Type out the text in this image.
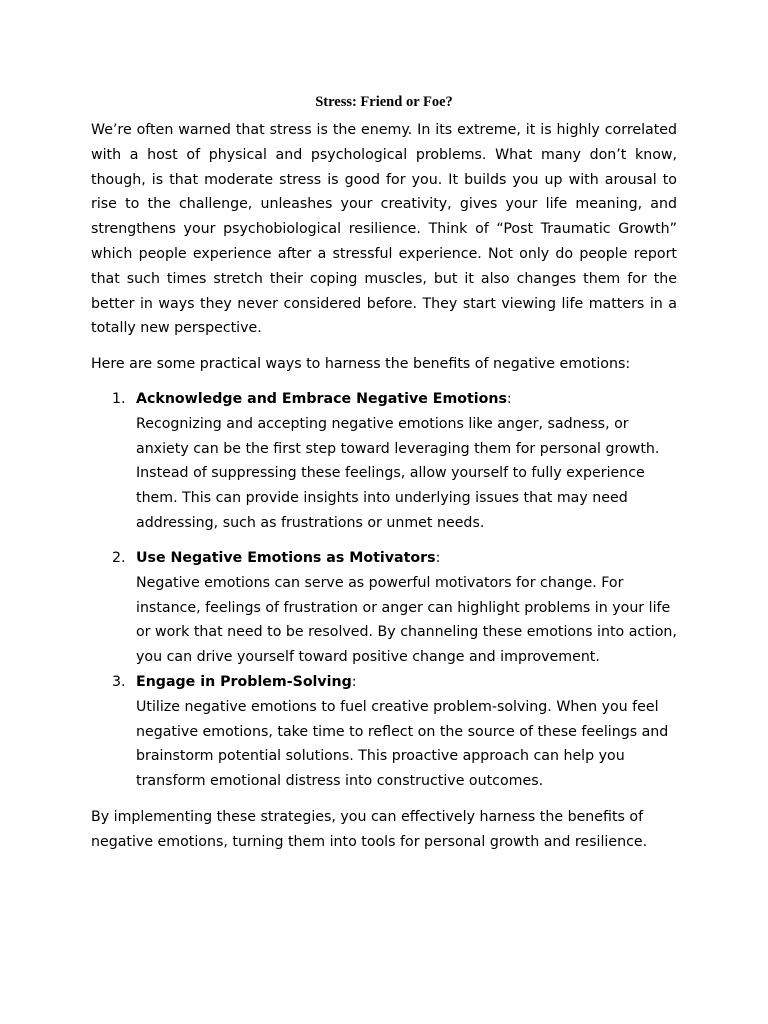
Stress: Friend or Foe?

We’re often warned that stress is the enemy. In its extreme, it is highly correlated with a host of physical and psychological problems. What many don’t know, though, is that moderate stress is good for you. It builds you up with arousal to rise to the challenge, unleashes your creativity, gives your life meaning, and strengthens your psychobiological resilience. Think of “Post Traumatic Growth” which people experience after a stressful experience. Not only do people report that such times stretch their coping muscles, but it also changes them for the better in ways they never considered before. They start viewing life matters in a totally new perspective.

Here are some practical ways to harness the benefits of negative emotions:

1. Acknowledge and Embrace Negative Emotions:

Recognizing and accepting negative emotions like anger, sadness, or anxiety can be the first step toward leveraging them for personal growth. Instead of suppressing these feelings, allow yourself to fully experience them. This can provide insights into underlying issues that may need addressing, such as frustrations or unmet needs.

2. Use Negative Emotions as Motivators:

Negative emotions can serve as powerful motivators for change. For instance, feelings of frustration or anger can highlight problems in your life or work that need to be resolved. By channeling these emotions into action, you can drive yourself toward positive change and improvement.

3. Engage in Problem-Solving:

Utilize negative emotions to fuel creative problem-solving. When you feel negative emotions, take time to reflect on the source of these feelings and brainstorm potential solutions. This proactive approach can help you transform emotional distress into constructive outcomes.

By implementing these strategies, you can effectively harness the benefits of negative emotions, turning them into tools for personal growth and resilience.
